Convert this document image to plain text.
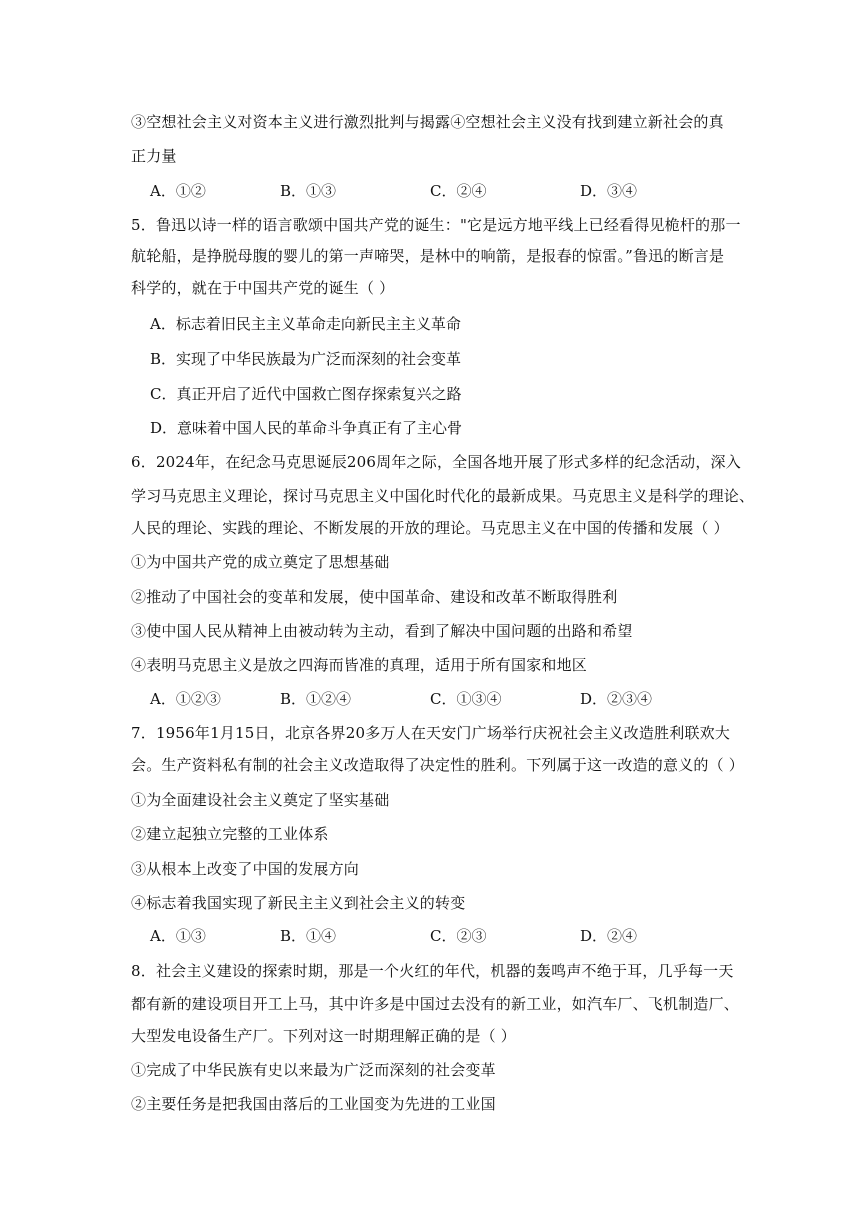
③空想社会主义对资本主义进行激烈批判与揭露④空想社会主义没有找到建立新社会的真
正力量
A．①②	B．①③	C．②④	D．③④
5．鲁迅以诗一样的语言歌颂中国共产党的诞生："它是远方地平线上已经看得见桅杆的那一
航轮船，是挣脱母腹的婴儿的第一声啼哭，是林中的响箭，是报春的惊雷。”鲁迅的断言是
科学的，就在于中国共产党的诞生（ ）
A．标志着旧民主主义革命走向新民主主义革命
B．实现了中华民族最为广泛而深刻的社会变革
C．真正开启了近代中国救亡图存探索复兴之路
D．意味着中国人民的革命斗争真正有了主心骨
6．2024年，在纪念马克思诞辰206周年之际，全国各地开展了形式多样的纪念活动，深入
学习马克思主义理论，探讨马克思主义中国化时代化的最新成果。马克思主义是科学的理论、
人民的理论、实践的理论、不断发展的开放的理论。马克思主义在中国的传播和发展（ ）
①为中国共产党的成立奠定了思想基础
②推动了中国社会的变革和发展，使中国革命、建设和改革不断取得胜利
③使中国人民从精神上由被动转为主动，看到了解决中国问题的出路和希望
④表明马克思主义是放之四海而皆准的真理，适用于所有国家和地区
A．①②③	B．①②④	C．①③④	D．②③④
7．1956年1月15日，北京各界20多万人在天安门广场举行庆祝社会主义改造胜利联欢大
会。生产资料私有制的社会主义改造取得了决定性的胜利。下列属于这一改造的意义的（ ）
①为全面建设社会主义奠定了坚实基础
②建立起独立完整的工业体系
③从根本上改变了中国的发展方向
④标志着我国实现了新民主主义到社会主义的转变
A．①③	B．①④	C．②③	D．②④
8．社会主义建设的探索时期，那是一个火红的年代，机器的轰鸣声不绝于耳，几乎每一天
都有新的建设项目开工上马，其中许多是中国过去没有的新工业，如汽车厂、飞机制造厂、
大型发电设备生产厂。下列对这一时期理解正确的是（ ）
①完成了中华民族有史以来最为广泛而深刻的社会变革
②主要任务是把我国由落后的工业国变为先进的工业国
